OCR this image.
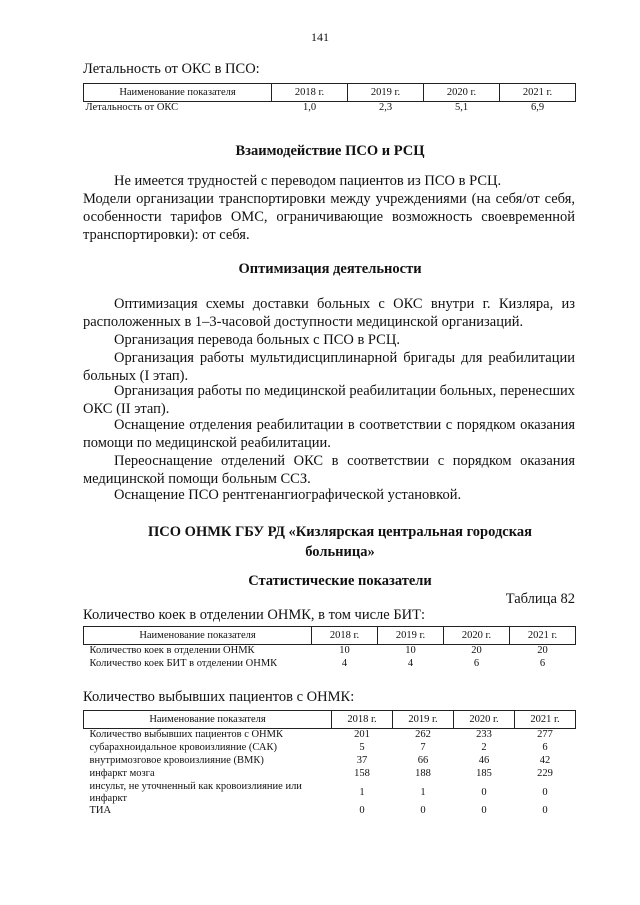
141
Летальность от ОКС в ПСО:
Наименование показателя	2018 г.	2019 г.	2020 г.	2021 г.
Летальность от ОКС	1,0	2,3	5,1	6,9
Взаимодействие ПСО и РСЦ

Не имеется трудностей с переводом пациентов из ПСО в РСЦ.

Модели организации транспортировки между учреждениями (на себя/от себя, особенности тарифов ОМС, ограничивающие возможность своевременной транспортировки): от себя.

Оптимизация деятельности

Оптимизация схемы доставки больных с ОКС внутри г. Кизляра, из расположенных в 1–3-часовой доступности медицинской организаций.

Организация перевода больных с ПСО в РСЦ.

Организация работы мультидисциплинарной бригады для реабилитации больных (I этап).

Организация работы по медицинской реабилитации больных, перенесших ОКС (II этап).

Оснащение отделения реабилитации в соответствии с порядком оказания помощи по медицинской реабилитации.

Переоснащение отделений ОКС в соответствии с порядком оказания медицинской помощи больным ССЗ.

Оснащение ПСО рентгенангиографической установкой.

ПСО ОНМК ГБУ РД «Кизлярская центральная городская
больница»
Статистические показатели
Таблица 82
Количество коек в отделении ОНМК, в том числе БИТ:
Наименование показателя	2018 г.	2019 г.	2020 г.	2021 г.
Количество коек в отделении ОНМК	10	10	20	20
Количество коек БИТ в отделении ОНМК	4	4	6	6
Количество выбывших пациентов с ОНМК:
Наименование показателя	2018 г.	2019 г.	2020 г.	2021 г.
Количество выбывших пациентов с ОНМК	201	262	233	277
субарахноидальное кровоизлияние (САК)	5	7	2	6
внутримозговое кровоизлияние (ВМК)	37	66	46	42
инфаркт мозга	158	188	185	229
инсульт, не уточненный как кровоизлияние или инфаркт	1	1	0	0
ТИА	0	0	0	0
